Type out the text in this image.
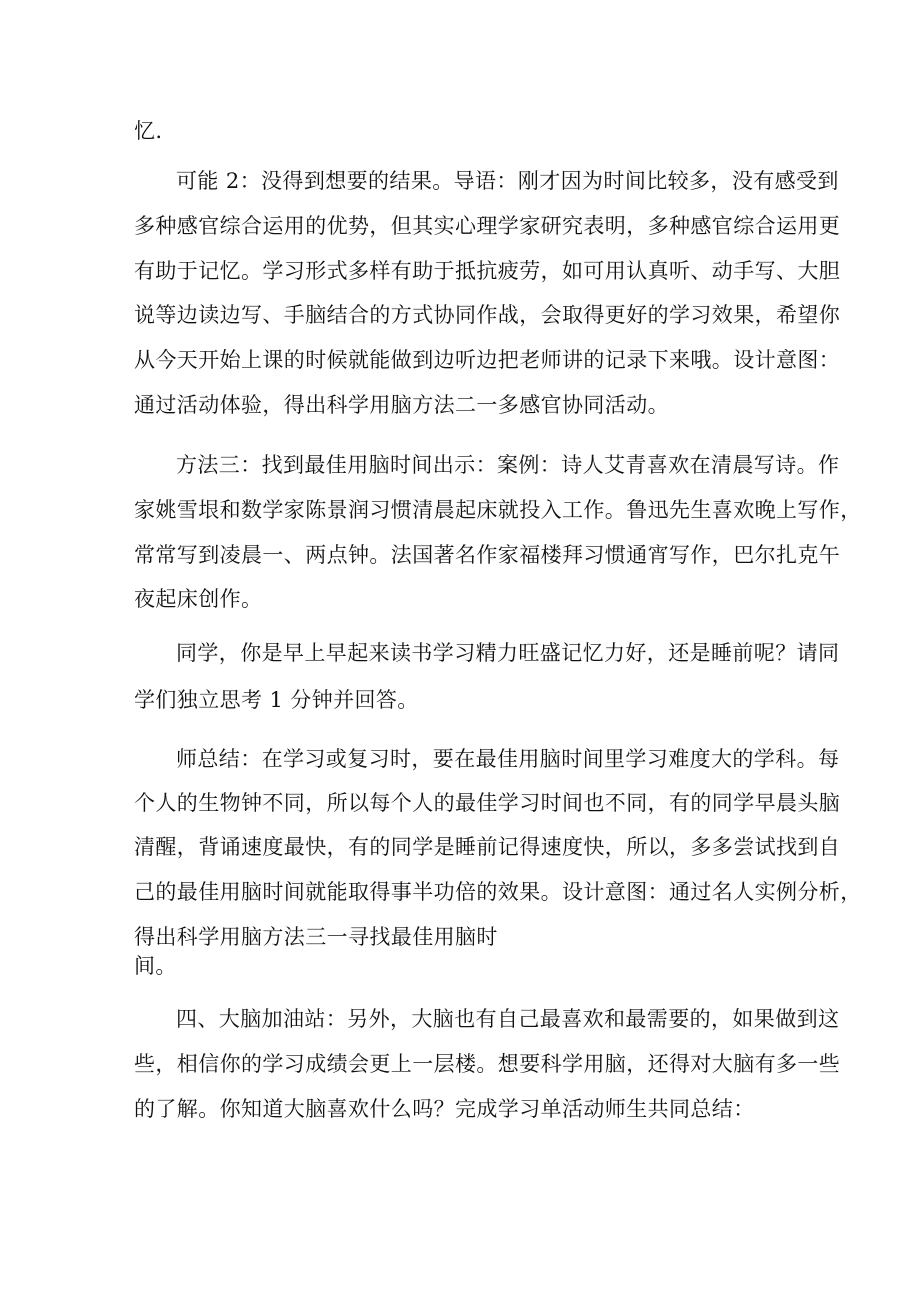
忆.
可能 2：没得到想要的结果。导语：刚才因为时间比较多，没有感受到
多种感官综合运用的优势，但其实心理学家研究表明，多种感官综合运用更
有助于记忆。学习形式多样有助于抵抗疲劳，如可用认真听、动手写、大胆
说等边读边写、手脑结合的方式协同作战，会取得更好的学习效果，希望你
从今天开始上课的时候就能做到边听边把老师讲的记录下来哦。设计意图：
通过活动体验，得出科学用脑方法二一多感官协同活动。
方法三：找到最佳用脑时间出示：案例：诗人艾青喜欢在清晨写诗。作
家姚雪垠和数学家陈景润习惯清晨起床就投入工作。鲁迅先生喜欢晚上写作，
常常写到凌晨一、两点钟。法国著名作家福楼拜习惯通宵写作，巴尔扎克午
夜起床创作。
同学，你是早上早起来读书学习精力旺盛记忆力好，还是睡前呢？请同
学们独立思考 1 分钟并回答。
师总结：在学习或复习时，要在最佳用脑时间里学习难度大的学科。每
个人的生物钟不同，所以每个人的最佳学习时间也不同，有的同学早晨头脑
清醒，背诵速度最快，有的同学是睡前记得速度快，所以，多多尝试找到自
己的最佳用脑时间就能取得事半功倍的效果。设计意图：通过名人实例分析，
得出科学用脑方法三一寻找最佳用脑时
间。
四、大脑加油站：另外，大脑也有自己最喜欢和最需要的，如果做到这
些，相信你的学习成绩会更上一层楼。想要科学用脑，还得对大脑有多一些
的了解。你知道大脑喜欢什么吗？完成学习单活动师生共同总结：
